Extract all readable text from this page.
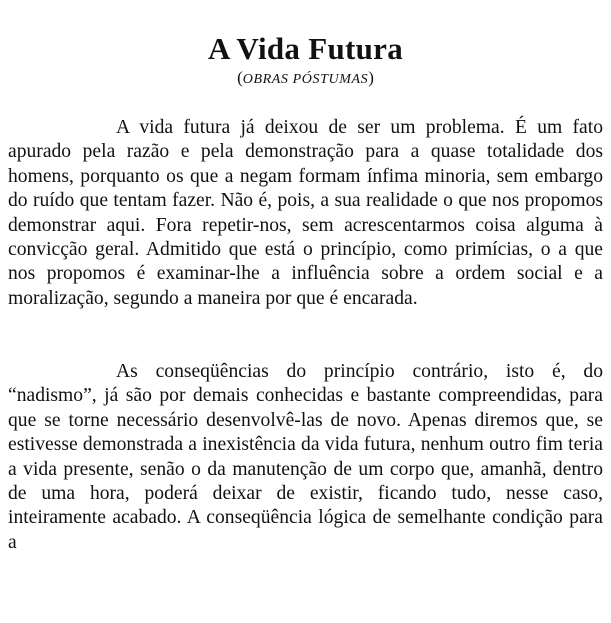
A Vida Futura
(OBRAS PÓSTUMAS)

A vida futura já deixou de ser um problema. É um fato apurado pela razão e pela demonstração para a quase totalidade dos homens, porquanto os que a negam formam ínfima minoria, sem embargo do ruído que tentam fazer. Não é, pois, a sua realidade o que nos propomos demonstrar aqui. Fora repetir-nos, sem acrescentarmos coisa alguma à convicção geral. Admitido que está o princípio, como primícias, o a que nos propomos é examinar-lhe a influência sobre a ordem social e a moralização, segundo a maneira por que é encarada.

As conseqüências do princípio contrário, isto é, do “nadismo”, já são por demais conhecidas e bastante compreendidas, para que se torne necessário desenvolvê-las de novo. Apenas diremos que, se estivesse demonstrada a inexistência da vida futura, nenhum outro fim teria a vida presente, senão o da manutenção de um corpo que, amanhã, dentro de uma hora, poderá deixar de existir, ficando tudo, nesse caso, inteiramente acabado. A conseqüência lógica de semelhante condição para a
